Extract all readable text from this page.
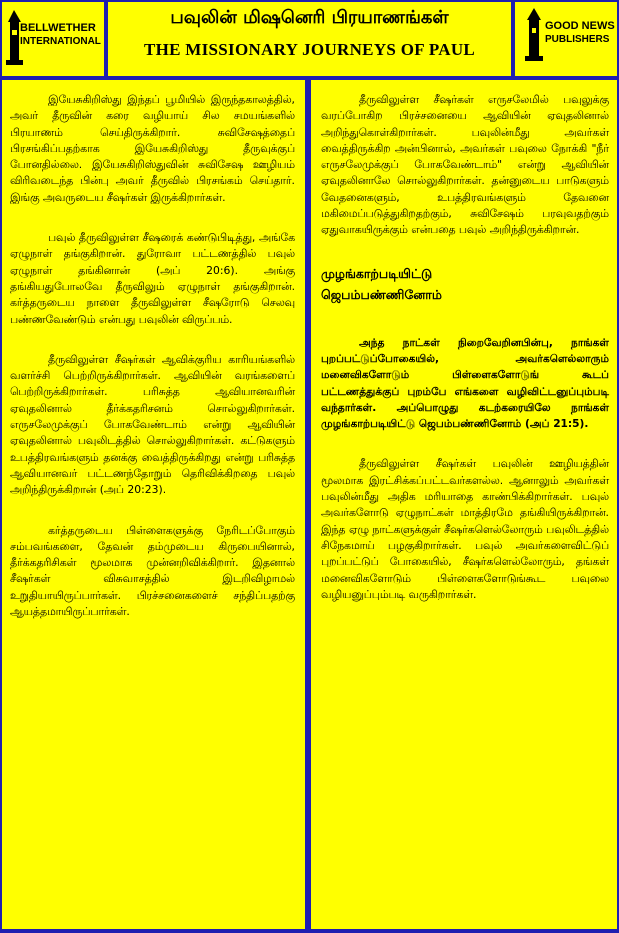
BELLWETHER
INTERNATIONAL
பவுலின் மிஷனெரி பிரயாணங்கள்
THE MISSIONARY JOURNEYS OF PAUL
GOOD NEWS
PUBLISHERS

இயேசுகிறிஸ்து இந்தப் பூமியில் இருந்தகாலத்தில், அவர் தீருவின் கரை வழியாய் சில சமயங்களில் பிரயாணம் செய்திருக்கிறார். சுவிசேஷத்தைப் பிரசங்கிப்பதற்காக இயேசுகிறிஸ்து தீருவுக்குப் போனதில்லை. இயேசுகிறிஸ்துவின் சுவிசேஷ ஊழியம் விரிவடைந்த பின்பு அவர் தீருவில் பிரசங்கம் செய்தார். இங்கு அவருடைய சீஷர்கள் இருக்கிறார்கள்.

பவுல் தீருவிலுள்ள சீஷரைக் கண்டுபிடித்து, அங்கே ஏழுநாள் தங்குகிறான். துரோவா பட்டணத்தில் பவுல் ஏழுநாள் தங்கினான் (அப் 20:6). அங்கு தங்கியதுபோலவே தீருவிலும் ஏழுநாள் தங்குகிறான். கர்த்தருடைய நாளை தீருவிலுள்ள சீஷரோடு செலவு பண்ணவேண்டும் என்பது பவுலின் விருப்பம்.

தீருவிலுள்ள சீஷர்கள் ஆவிக்குரிய காரியங்களில் வளர்ச்சி பெற்றிருக்கிறார்கள். ஆவியின் வரங்களைப் பெற்றிருக்கிறார்கள். பரிசுத்த ஆவியானவரின் ஏவுதலினால் தீர்க்கதரிசனம் சொல்லுகிறார்கள். எருசலேமுக்குப் போகவேண்டாம் என்று ஆவியின் ஏவுதலினால் பவுலிடத்தில் சொல்லுகிறார்கள். கட்டுகளும் உபத்திரவங்களும் தனக்கு வைத்திருக்கிறது என்று பரிசுத்த ஆவியானவர் பட்டணந்தோறும் தெரிவிக்கிறதை பவுல் அறிந்திருக்கிறான் (அப் 20:23).

கர்த்தருடைய பிள்ளைகளுக்கு நேரிடப்போகும் சம்பவங்களை, தேவன் தம்முடைய கிருபையினால், தீர்க்கதரிசிகள் மூலமாக முன்னறிவிக்கிறார். இதனால் சீஷர்கள் விசுவாசத்தில் இடறிவிழாமல் உறுதியாயிருப்பார்கள். பிரச்சனைகளைச் சந்திப்பதற்கு ஆயத்தமாயிருப்பார்கள்.

தீருவிலுள்ள சீஷர்கள் எருசலேமில் பவுலுக்கு வரப்போகிற பிரச்சனையை ஆவியின் ஏவுதலினால் அறிந்துகொள்கிறார்கள். பவுலின்மீது அவர்கள் வைத்திருக்கிற அன்பினால், அவர்கள் பவுலை நோக்கி "நீர் எருசலேமுக்குப் போகவேண்டாம்" என்று ஆவியின் ஏவுதலினாலே சொல்லுகிறார்கள். தன்னுடைய பாடுகளும் வேதனைகளும், உபத்திரவங்களும் தேவனை மகிமைப்படுத்துகிறதற்கும், சுவிசேஷம் பரவுவதற்கும் ஏதுவாகயிருக்கும் என்பதை பவுல் அறிந்திருக்கிறான்.

முழங்காற்படியிட்டு
ஜெபம்பண்ணினோம்

அந்த நாட்கள் நிறைவேறினபின்பு, நாங்கள் புறப்பட்டுப்போகையில், அவர்களெல்லாரும் மனைவிகளோடும் பிள்ளைகளோடுங் கூடப் பட்டணத்துக்குப் புறம்பே எங்களை வழிவிட்டனுப்பும்படி வந்தார்கள். அப்பொழுது கடற்கரையிலே நாங்கள் முழங்காற்படியிட்டு ஜெபம்பண்ணினோம் (அப் 21:5).

தீருவிலுள்ள சீஷர்கள் பவுலின் ஊழியத்தின் மூலமாக இரட்சிக்கப்பட்டவர்களல்ல. ஆனாலும் அவர்கள் பவுலின்மீது அதிக மரியாதை காண்பிக்கிறார்கள். பவுல் அவர்களோடு ஏழுநாட்கள் மாத்திரமே தங்கியிருக்கிறான். இந்த ஏழு நாட்களுக்குள் சீஷர்களெல்லோரும் பவுலிடத்தில் சிநேகமாய் பழகுகிறார்கள். பவுல் அவர்களைவிட்டுப் புறப்பட்டுப் போகையில், சீஷர்களெல்லோரும், தங்கள் மனைவிகளோடும் பிள்ளைகளோடுங்கூட பவுலை வழியனுப்பும்படி வருகிறார்கள்.
